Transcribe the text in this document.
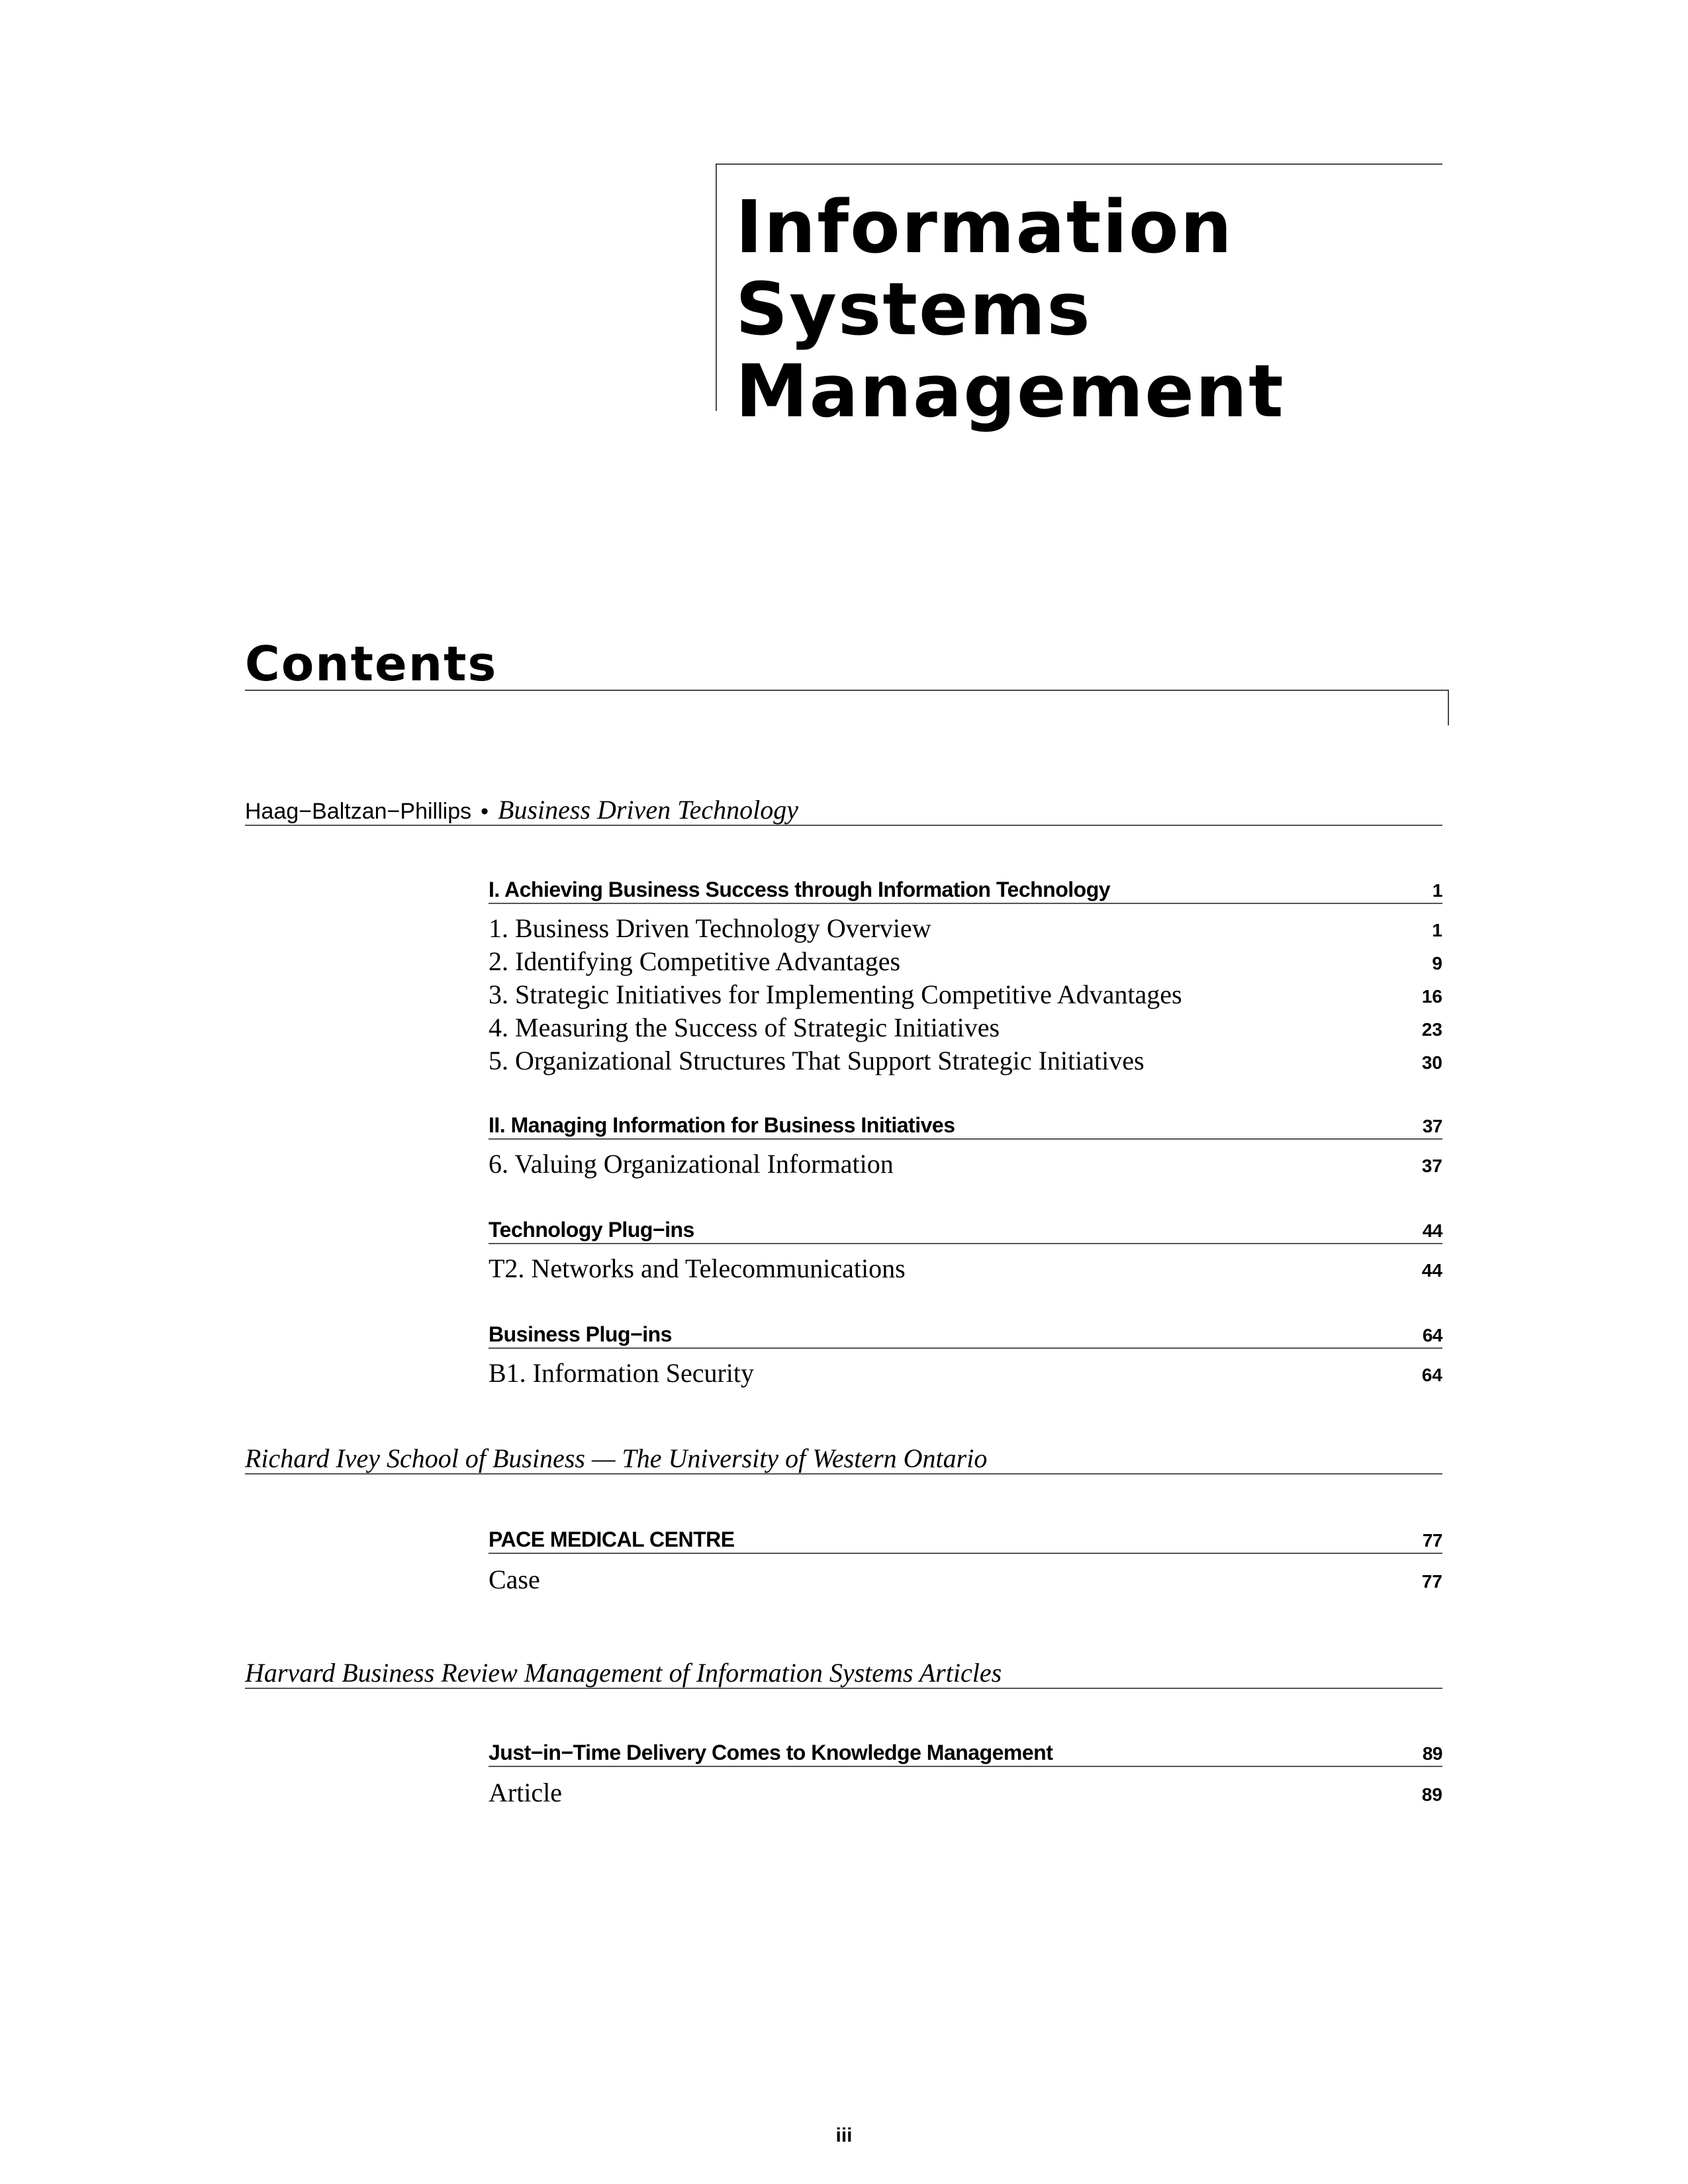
Information
Systems
Management
Contents
Haag−Baltzan−Phillips • Business Driven Technology
I. Achieving Business Success through Information Technology	1
1. Business Driven Technology Overview	1
2. Identifying Competitive Advantages	9
3. Strategic Initiatives for Implementing Competitive Advantages	16
4. Measuring the Success of Strategic Initiatives	23
5. Organizational Structures That Support Strategic Initiatives	30
II. Managing Information for Business Initiatives	37
6. Valuing Organizational Information	37
Technology Plug−ins	44
T2. Networks and Telecommunications	44
Business Plug−ins	64
B1. Information Security	64
Richard Ivey School of Business — The University of Western Ontario
PACE MEDICAL CENTRE	77
Case	77
Harvard Business Review Management of Information Systems Articles
Just−in−Time Delivery Comes to Knowledge Management	89
Article	89
iii
